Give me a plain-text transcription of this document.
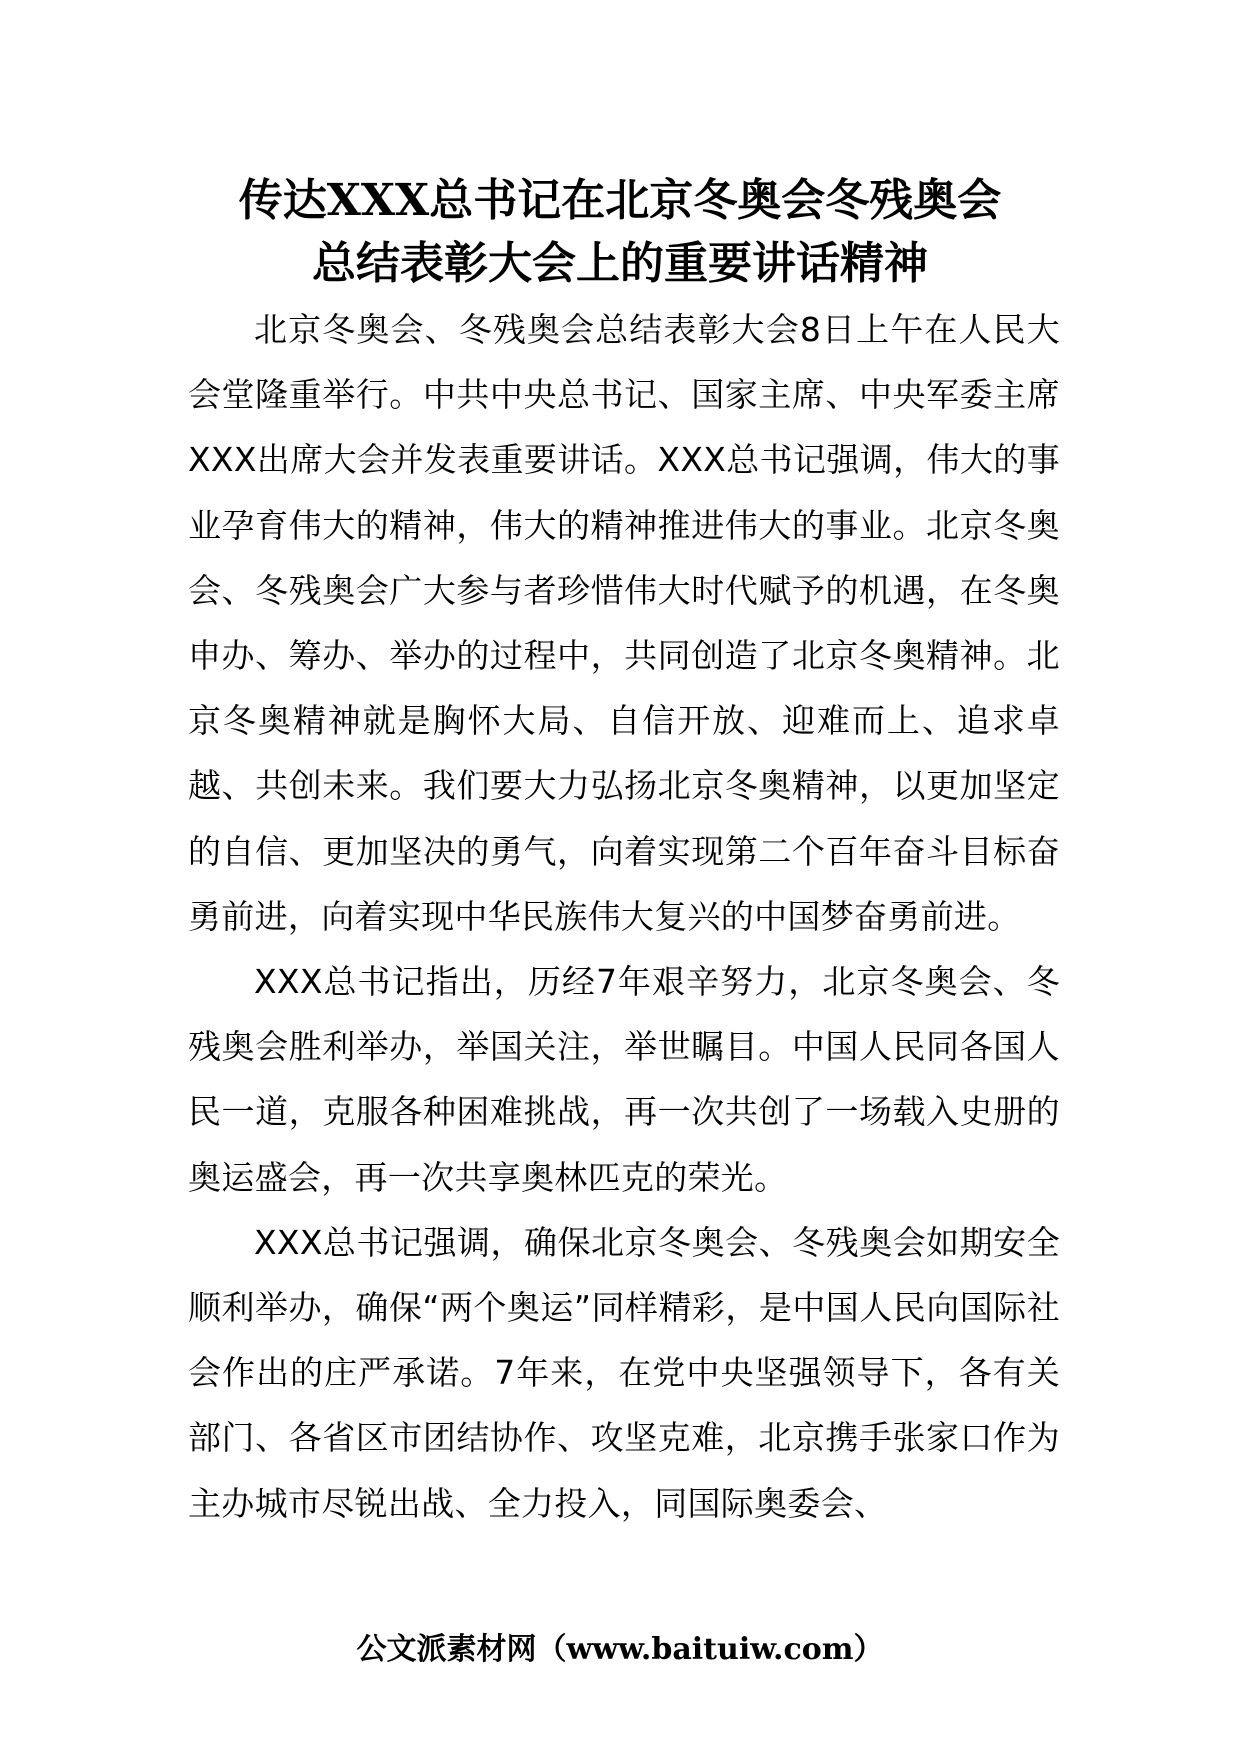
传达XXX总书记在北京冬奥会冬残奥会
总结表彰大会上的重要讲话精神

北京冬奥会、冬残奥会总结表彰大会8日上午在人民大会堂隆重举行。中共中央总书记、国家主席、中央军委主席XXX出席大会并发表重要讲话。XXX总书记强调，伟大的事业孕育伟大的精神，伟大的精神推进伟大的事业。北京冬奥会、冬残奥会广大参与者珍惜伟大时代赋予的机遇，在冬奥申办、筹办、举办的过程中，共同创造了北京冬奥精神。北京冬奥精神就是胸怀大局、自信开放、迎难而上、追求卓越、共创未来。我们要大力弘扬北京冬奥精神，以更加坚定的自信、更加坚决的勇气，向着实现第二个百年奋斗目标奋勇前进，向着实现中华民族伟大复兴的中国梦奋勇前进。

XXX总书记指出，历经7年艰辛努力，北京冬奥会、冬残奥会胜利举办，举国关注，举世瞩目。中国人民同各国人民一道，克服各种困难挑战，再一次共创了一场载入史册的奥运盛会，再一次共享奥林匹克的荣光。

XXX总书记强调，确保北京冬奥会、冬残奥会如期安全顺利举办，确保“两个奥运”同样精彩，是中国人民向国际社会作出的庄严承诺。7年来，在党中央坚强领导下，各有关部门、各省区市团结协作、攻坚克难，北京携手张家口作为主办城市尽锐出战、全力投入，同国际奥委会、

公文派素材网（www.baituiw.com）
